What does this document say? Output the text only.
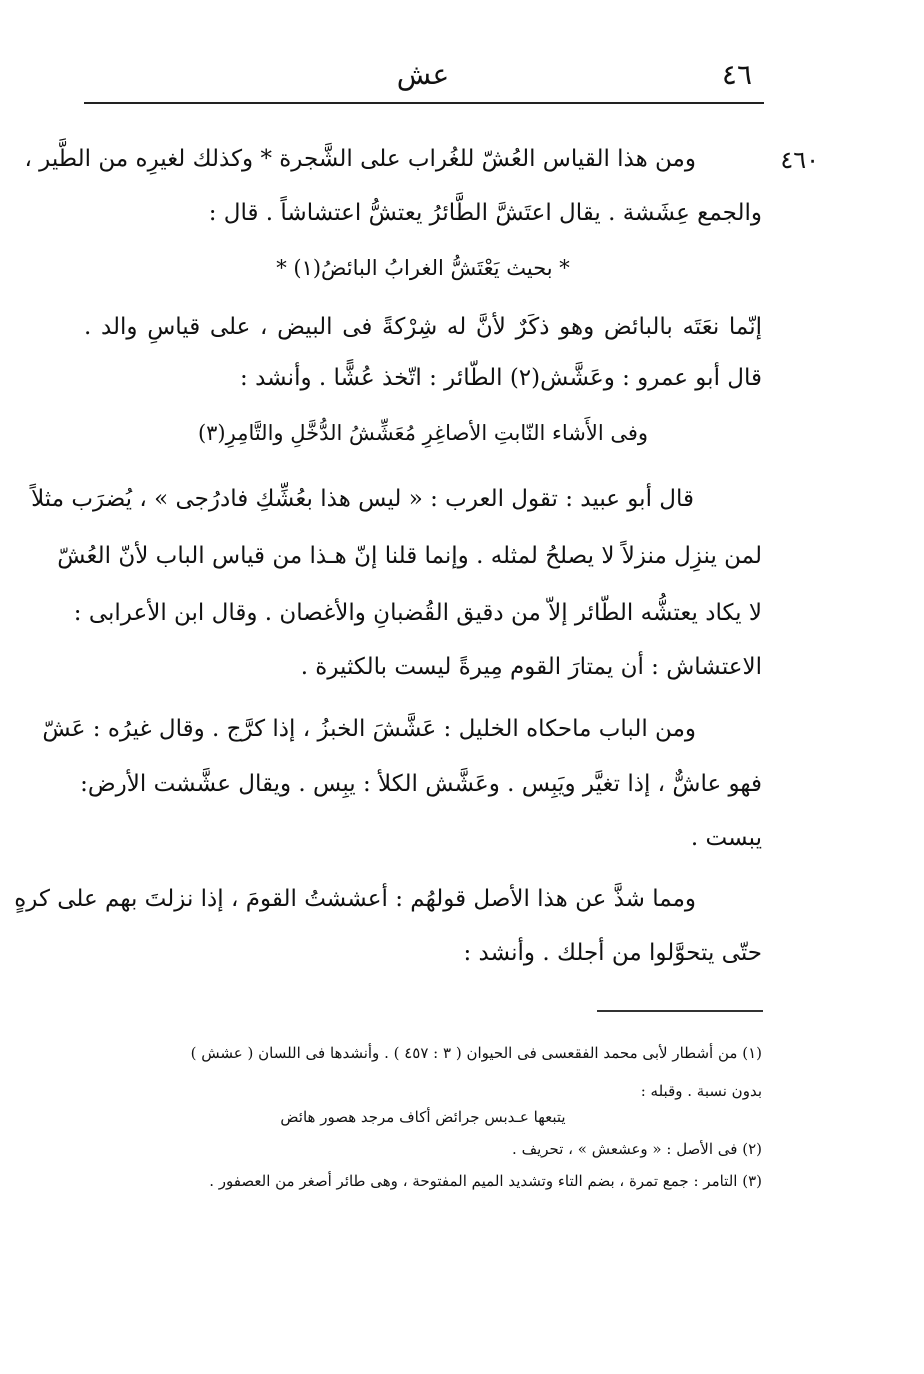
عش	٤٦
٤٦٠
ومن هذا القياس العُشّ للغُراب على الشَّجرة * وكذلك لغيرِه من الطَّير ،
والجمع عِشَشة . يقال اعتَشَّ الطَّائرُ يعتشُّ اعتشاشاً . قال :
* بحيث يَعْتَشُّ الغرابُ البائضُ(١) *
إنّما نعَتَه بالبائض وهو ذكَرٌ لأنَّ له شِرْكةً فى البيض ، على قياسِ والد .
قال أبو عمرو : وعَشَّش(٢) الطّائر : اتّخذ عُشًّا . وأنشد :
وفى الأَشاء النّابتِ الأصاغِرِ مُعَشِّشُ الدُّخَّلِ والتَّامِرِ(٣)
قال أبو عبيد : تقول العرب : « ليس هذا بعُشِّكِ فادرُجى » ، يُضرَب مثلاً
لمن ينزِل منزلاً لا يصلحُ لمثله . وإنما قلنا إنّ هـذا من قياس الباب لأنّ العُشّ
لا يكاد يعتشُّه الطّائر إلاّ من دقيق القُضبانِ والأغصان . وقال ابن الأعرابى :
الاعتشاش : أن يمتارَ القوم مِيرةً ليست بالكثيرة .
ومن الباب ماحكاه الخليل : عَشَّشَ الخبزُ ، إذا كرَّج . وقال غيرُه : عَشّ
فهو عاشٌّ ، إذا تغيَّر ويَبِس . وعَشَّش الكلأ : يبِس . ويقال عشَّشت الأرض:
يبست .
ومما شذَّ عن هذا الأصل قولهُم : أعششتُ القومَ ، إذا نزلتَ بهم على كرهٍ
حتّى يتحوَّلوا من أجلك . وأنشد :
(١) من أشطار لأبى محمد الفقعسى فى الحيوان ( ٣ : ٤٥٧ ) . وأنشدها فى اللسان ( عشش )
بدون نسبة . وقبله :
يتبعها عـدبس جرائض أكاف مرجد هصور هائض
(٢) فى الأصل : « وعشعش » ، تحريف .
(٣) التامر : جمع تمرة ، بضم التاء وتشديد الميم المفتوحة ، وهى طائر أصغر من العصفور .
